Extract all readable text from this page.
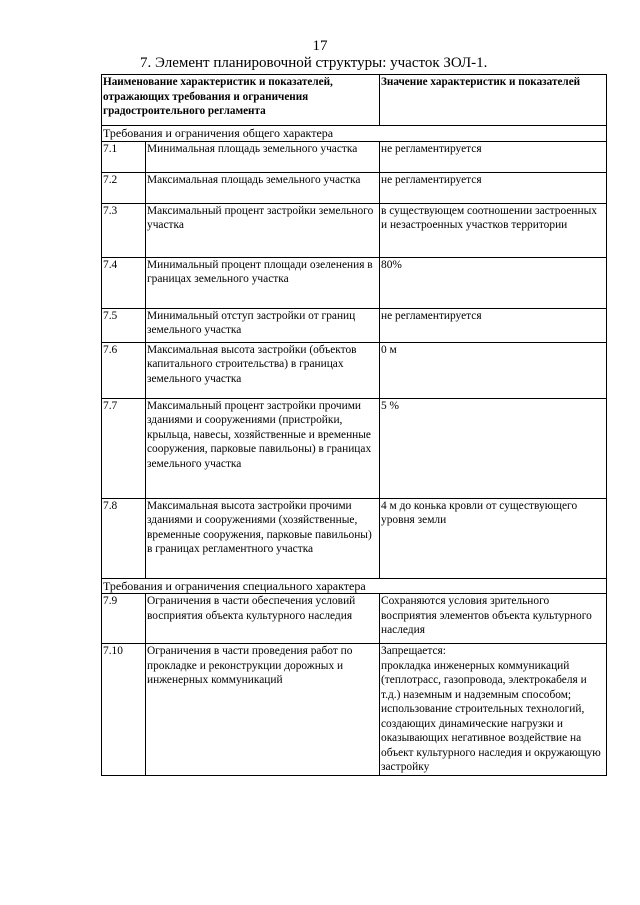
17
7. Элемент планировочной структуры: участок ЗОЛ-1.
Наименование характеристик и показателей, отражающих требования и ограничения градостроительного регламента		Значение характеристик и показателей
Требования и ограничения общего характера		
7.1	Минимальная площадь земельного участка	не регламентируется
7.2	Максимальная площадь земельного участка	не регламентируется
7.3	Максимальный процент застройки земельного участка	в существующем соотношении застроенных и незастроенных участков территории
7.4	Минимальный процент площади озеленения в границах земельного участка	80%
7.5	Минимальный отступ застройки от границ земельного участка	не регламентируется
7.6	Максимальная высота застройки (объектов капитального строительства) в границах земельного участка	0 м
7.7	Максимальный процент застройки прочими зданиями и сооружениями (пристройки, крыльца, навесы, хозяйственные и временные сооружения, парковые павильоны) в границах земельного участка	5 %
7.8	Максимальная высота застройки прочими зданиями и сооружениями (хозяйственные, временные сооружения, парковые павильоны) в границах регламентного участка	4 м до конька кровли от существующего уровня земли
Требования и ограничения специального характера		
7.9	Ограничения в части обеспечения условий восприятия объекта культурного наследия	Сохраняются условия зрительного восприятия элементов объекта культурного наследия
7.10	Ограничения в части проведения работ по прокладке и реконструкции дорожных и инженерных коммуникаций	Запрещается:
прокладка инженерных коммуникаций (теплотрасс, газопровода, электрокабеля и т.д.) наземным и надземным способом;
использование строительных технологий, создающих динамические нагрузки и оказывающих негативное воздействие на объект культурного наследия и окружающую застройку
